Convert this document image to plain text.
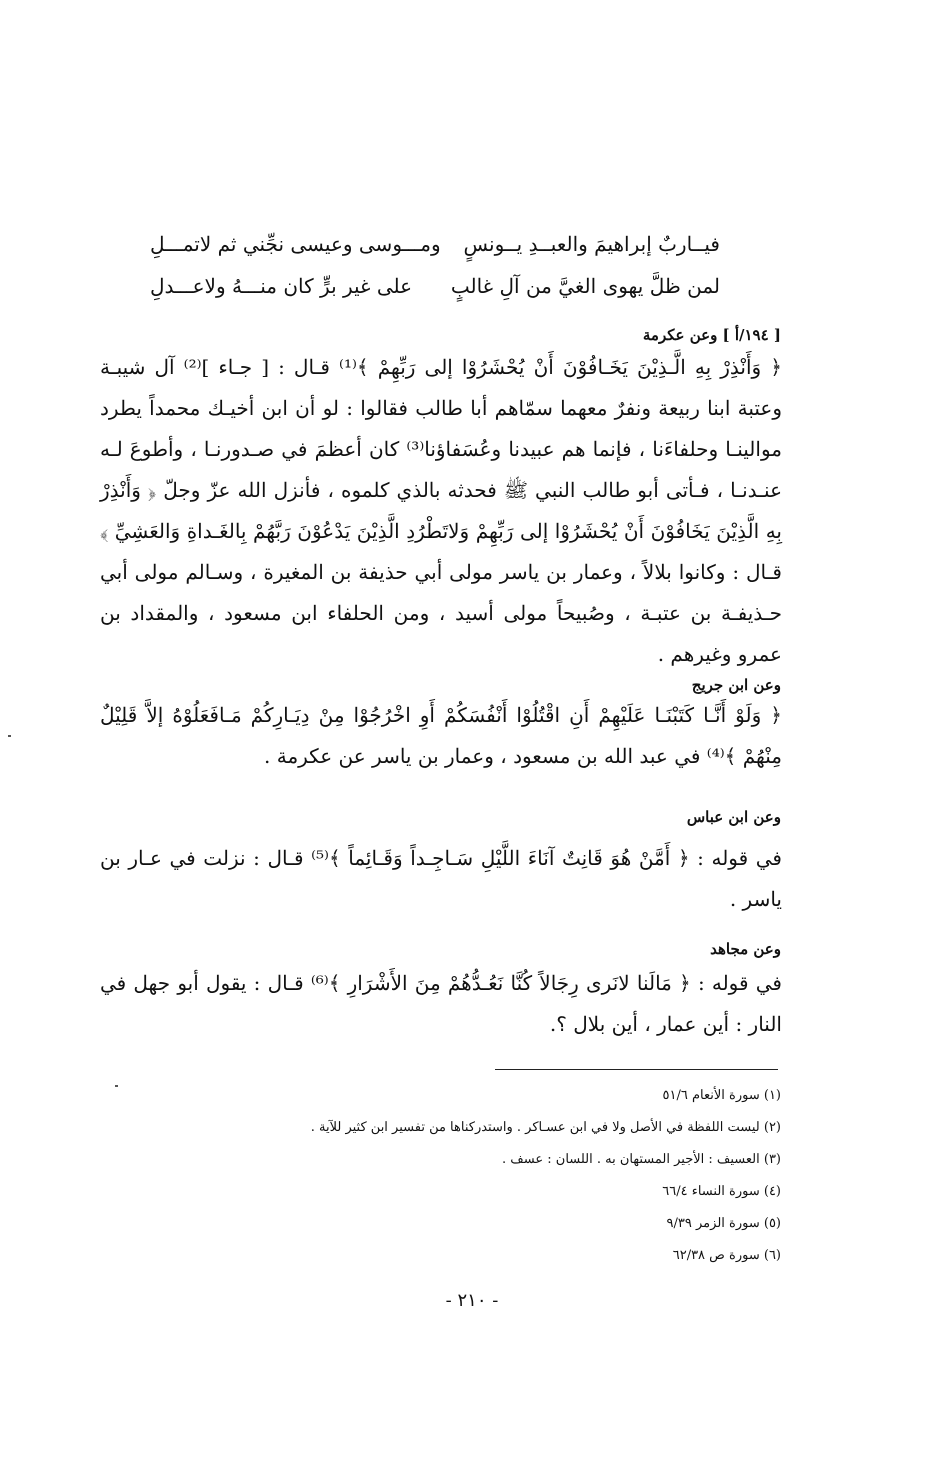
فيــاربٌ إبراهيمَ والعبــدِ يــونسٍ
ومـــوسى وعيسى نجِّني ثم لاتمـــلِ
لمن ظلَّ يهوى الغيَّ من آلِ غالبٍ
على غير برٍّ كان منـــهُ ولاعـــدلِ
[ ١٩٤/أ ] وعن عكرمة

﴿ وَأَنْذِرْ بِهِ الَّـذِيْنَ يَخَـافُوْنَ أَنْ يُحْشَرُوْا إلى رَبِّهِمْ ﴾⁽¹⁾ قـال : [ جـاء ]⁽²⁾ آل شيبـة وعتبة ابنا ربيعة ونفرٌ معهما سمّاهم أبا طالب فقالوا : لو أن ابن أخيـك محمداً يطرد موالينـا وحلفاءَنا ، فإنما هم عبيدنا وعُسَفاؤنا⁽³⁾ كان أعظمَ في صـدورنـا ، وأطوعَ لـه عنـدنـا ، فـأتى أبو طالب النبي ﷺ فحدثه بالذي كلموه ، فأنزل الله عزّ وجلّ ﴿ وَأَنْذِرْ بِهِ الَّذِيْنَ يَخَافُوْنَ أَنْ يُحْشَرُوْا إلى رَبِّهِمْ وَلاتَطْرُدِ الَّذِيْنَ يَدْعُوْنَ رَبَّهُمْ بِالغَـداةِ وَالعَشِيِّ ﴾ قـال : وكانوا بلالاً ، وعمار بن ياسر مولى أبي حذيفة بن المغيرة ، وسـالم مولى أبي حـذيفـة بن عتبـة ، وصُبيحاً مولى أسيد ، ومن الحلفاء ابن مسعود ، والمقداد بن عمرو وغيرهم .

وعن ابن جريج

﴿ وَلَوْ أَنَّـا كَتَبْنَـا عَلَيْهِمْ أَنِ اقْتُلُوْا أَنْفُسَكُمْ أَوِ اخْرُجُوْا مِنْ دِيَـارِكُمْ مَـافَعَلُوْهُ إلاَّ قَلِيْلٌ مِنْهُمْ ﴾⁽⁴⁾ في عبد الله بن مسعود ، وعمار بن ياسر عن عكرمة .

وعن ابن عباس

في قوله : ﴿ أَمَّنْ هُوَ قَانِتٌ آنَاءَ اللَّيْلِ سَـاجِـداً وَقَـائِماً ﴾⁽⁵⁾ قـال : نزلت في عـار بن ياسر .

وعن مجاهد

في قوله : ﴿ مَالَنا لانَرى رِجَالاً كُنَّا نَعُـدُّهُمْ مِنَ الأَشْرَارِ ﴾⁽⁶⁾ قـال : يقول أبو جهل في النار : أين عمار ، أين بلال ؟.

(١) سورة الأنعام ٥١/٦
(٢) ليست اللفظة في الأصل ولا في ابن عسـاكر . واستدركناها من تفسير ابن كثير للآية .
(٣) العسيف : الأجير المستهان به . اللسان : عسف .
(٤) سورة النساء ٦٦/٤
(٥) سورة الزمر ٩/٣٩
(٦) سورة ص ٦٢/٣٨
- ٢١٠ -
